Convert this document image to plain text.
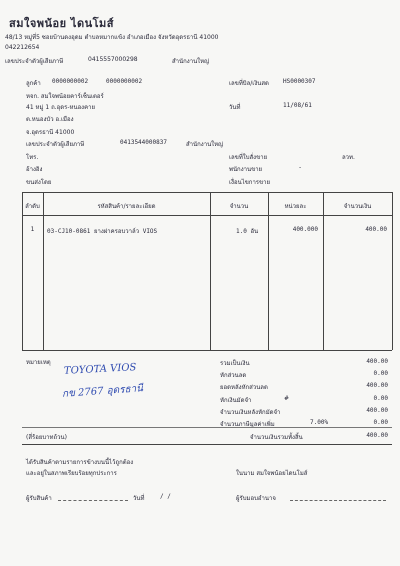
สมใจพน้อย ไดนโมส์
48/13 หมู่ที่5 ซอยบ้านดงอุดม ตำบลหมากแข้ง อำเภอเมือง จังหวัดอุดรธานี 41000
042212654
เลขประจำตัวผู้เสียภาษี	0415557000298	สำนักงานใหญ่
ลูกค้า 0000000002	0000000002
หจก. สมใจพน้อยคาร์เซ็นเตอร์
41 หมู่ 1 ถ.อุดร-หนองคาย
ต.หนองบัว อ.เมือง
จ.อุดรธานี 41000
เลขประจำตัวผู้เสียภาษี	0413544000837	สำนักงานใหญ่
โทร.
อ้างอิง
ขนส่งโดย
เลขที่บิล/เงินสด HS0000307
วันที่	11/08/61
เลขที่ใบสั่งขาย	ลวท.
พนักงานขาย	-
เงื่อนไขการขาย
ลำดับ	รหัสสินค้า/รายละเอียด	จำนวน	หน่วยละ	จำนวนเงิน
1	03-CJ10-0861 ยางฝาครอบวาล์ว VIOS	1.0 อัน	400.000	400.00
หมายเหตุ TOYOTA VIOS
กข 2767 อุดรธานี
รวมเป็นเงิน	400.00
หักส่วนลด	0.00
ยอดหลังหักส่วนลด	400.00
หักเงินมัดจำ	#	0.00
จำนวนเงินหลังหักมัดจำ	400.00
จำนวนภาษีมูลค่าเพิ่ม	7.00%	0.00
(สี่ร้อยบาทถ้วน)	จำนวนเงินรวมทั้งสิ้น	400.00
ได้รับสินค้าตามรายการข้างบนนี้ไว้ถูกต้อง
และอยู่ในสภาพเรียบร้อยทุกประการ	ในนาม สมใจพน้อยไดนโมส์
ผู้รับสินค้า	วันที่	/ /	ผู้รับมอบอำนาจ
